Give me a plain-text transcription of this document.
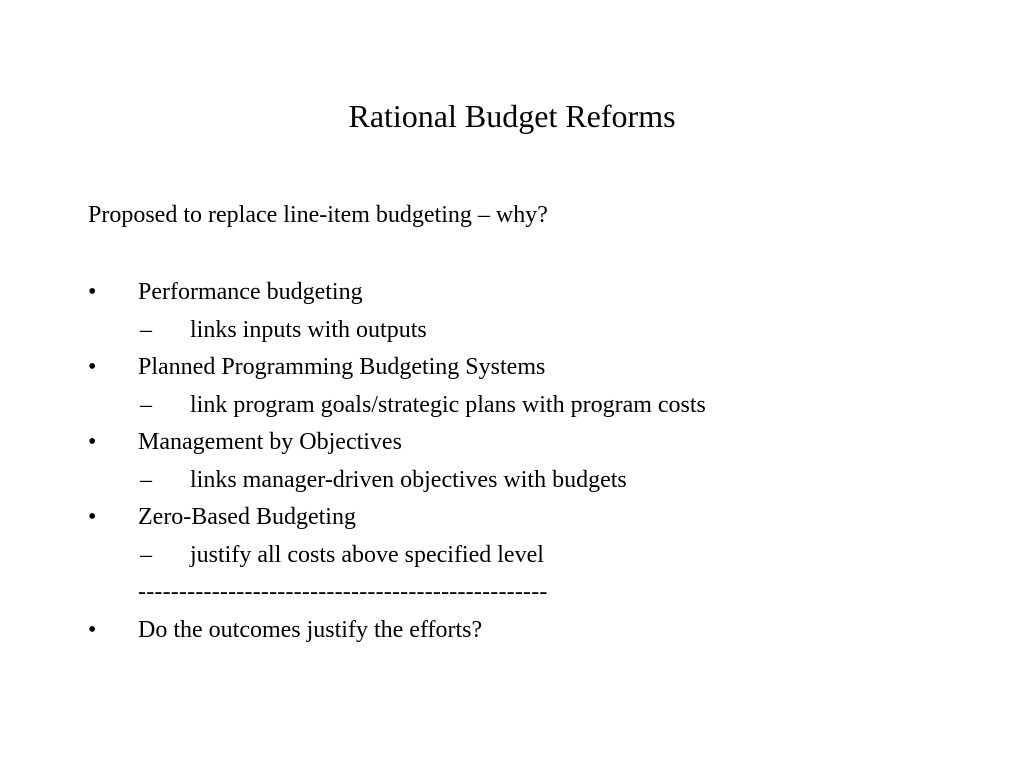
Rational Budget Reforms
Proposed to replace line-item budgeting – why?
• Performance budgeting
– links inputs with outputs
• Planned Programming Budgeting Systems
– link program goals/strategic plans with program costs
• Management by Objectives
– links manager-driven objectives with budgets
• Zero-Based Budgeting
– justify all costs above specified level
--------------------------------------------------
• Do the outcomes justify the efforts?
